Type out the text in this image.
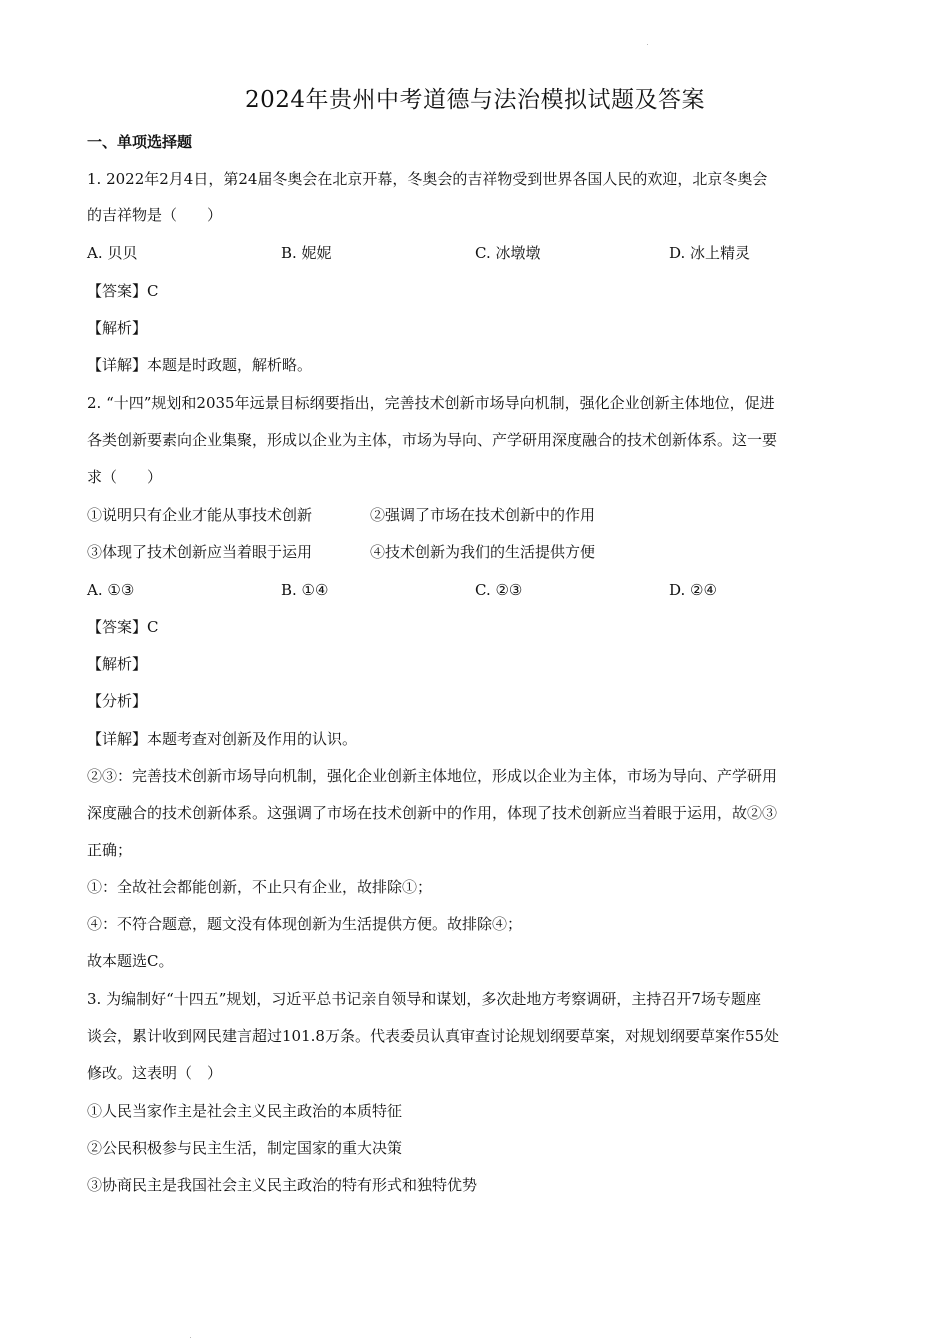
2024年贵州中考道德与法治模拟试题及答案
一、单项选择题
1. 2022年2月4日，第24届冬奥会在北京开幕，冬奥会的吉祥物受到世界各国人民的欢迎，北京冬奥会
的吉祥物是（　　）
A. 贝贝	B. 妮妮	C. 冰墩墩	D. 冰上精灵
【答案】C
【解析】
【详解】本题是时政题，解析略。
2. “十四”规划和2035年远景目标纲要指出，完善技术创新市场导向机制，强化企业创新主体地位，促进
各类创新要素向企业集聚，形成以企业为主体，市场为导向、产学研用深度融合的技术创新体系。这一要
求（　　）
①说明只有企业才能从事技术创新	②强调了市场在技术创新中的作用
③体现了技术创新应当着眼于运用	④技术创新为我们的生活提供方便
A. ①③	B. ①④	C. ②③	D. ②④
【答案】C
【解析】
【分析】
【详解】本题考查对创新及作用的认识。
②③：完善技术创新市场导向机制，强化企业创新主体地位，形成以企业为主体，市场为导向、产学研用
深度融合的技术创新体系。这强调了市场在技术创新中的作用，体现了技术创新应当着眼于运用，故②③
正确；
①：全故社会都能创新，不止只有企业，故排除①；
④：不符合题意，题文没有体现创新为生活提供方便。故排除④；
故本题选C。
3. 为编制好“十四五”规划，习近平总书记亲自领导和谋划，多次赴地方考察调研，主持召开7场专题座
谈会，累计收到网民建言超过101.8万条。代表委员认真审查讨论规划纲要草案，对规划纲要草案作55处
修改。这表明（　）
①人民当家作主是社会主义民主政治的本质特征
②公民积极参与民主生活，制定国家的重大决策
③协商民主是我国社会主义民主政治的特有形式和独特优势
